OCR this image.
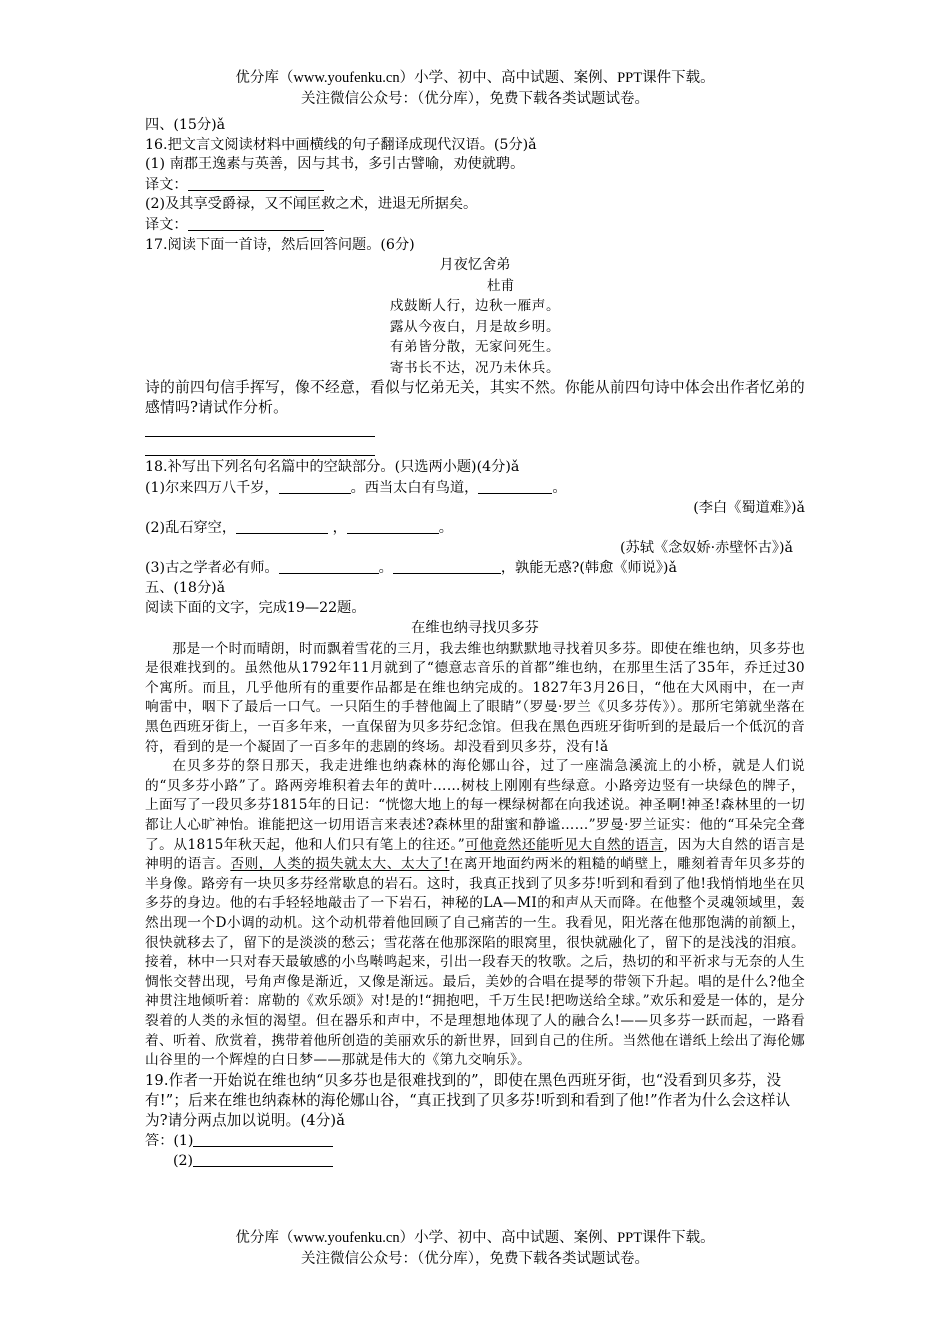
优分库（www.youfenku.cn）小学、初中、高中试题、案例、PPT课件下载。
关注微信公众号：（优分库），免费下载各类试题试卷。
四、(15分)ǎ
16.把文言文阅读材料中画横线的句子翻译成现代汉语。(5分)ǎ
(1) 南郡王逸素与英善，因与其书，多引古譬喻，劝使就聘。
译文：
(2)及其享受爵禄，又不闻匡救之术，进退无所据矣。
译文：
17.阅读下面一首诗，然后回答问题。(6分)
月夜忆舍弟
杜甫
戍鼓断人行，边秋一雁声。
露从今夜白，月是故乡明。
有弟皆分散，无家问死生。
寄书长不达，况乃未休兵。
诗的前四句信手挥写，像不经意，看似与忆弟无关，其实不然。你能从前四句诗中体会出作者忆弟的感情吗?请试作分析。
18.补写出下列名句名篇中的空缺部分。(只选两小题)(4分)ǎ
(1)尔来四万八千岁，	。西当太白有鸟道，	。
(李白《蜀道难》)ǎ
(2)乱石穿空，	，	。
(苏轼《念奴娇·赤壁怀古》)ǎ
(3)古之学者必有师。	。	，孰能无惑?(韩愈《师说》)ǎ
五、(18分)ǎ
阅读下面的文字，完成19—22题。
在维也纳寻找贝多芬
那是一个时而晴朗，时而飘着雪花的三月，我去维也纳默默地寻找着贝多芬。即使在维也纳，贝多芬也是很难找到的。虽然他从1792年11月就到了“德意志音乐的首都”维也纳，在那里生活了35年，乔迁过30个寓所。而且，几乎他所有的重要作品都是在维也纳完成的。1827年3月26日，“他在大风雨中，在一声响雷中，咽下了最后一口气。一只陌生的手替他阖上了眼睛”（罗曼·罗兰《贝多芬传》）。那所宅第就坐落在黑色西班牙街上，一百多年来，一直保留为贝多芬纪念馆。但我在黑色西班牙街听到的是最后一个低沉的音符，看到的是一个凝固了一百多年的悲剧的终场。却没看到贝多芬，没有!ǎ
在贝多芬的祭日那天，我走进维也纳森林的海伦娜山谷，过了一座湍急溪流上的小桥，就是人们说的“贝多芬小路”了。路两旁堆积着去年的黄叶……树枝上刚刚有些绿意。小路旁边竖有一块绿色的牌子，上面写了一段贝多芬1815年的日记：“恍惚大地上的每一棵绿树都在向我述说。神圣啊!神圣!森林里的一切都让人心旷神怡。谁能把这一切用语言来表述?森林里的甜蜜和静谧……”罗曼·罗兰证实：他的“耳朵完全聋了。从1815年秋天起，他和人们只有笔上的往还。”可他竟然还能听见大自然的语言，因为大自然的语言是神明的语言。否则，人类的损失就太大、太大了!在离开地面约两米的粗糙的峭壁上，雕刻着青年贝多芬的半身像。路旁有一块贝多芬经常歇息的岩石。这时，我真正找到了贝多芬!听到和看到了他!我悄悄地坐在贝多芬的身边。他的右手轻轻地敲击了一下岩石，神秘的LA—MI的和声从天而降。在他整个灵魂领域里，轰然出现一个D小调的动机。这个动机带着他回顾了自己痛苦的一生。我看见，阳光落在他那饱满的前额上，很快就移去了，留下的是淡淡的愁云；雪花落在他那深陷的眼窝里，很快就融化了，留下的是浅浅的泪痕。接着，林中一只对春天最敏感的小鸟啭鸣起来，引出一段春天的牧歌。之后，热切的和平祈求与无奈的人生惆怅交替出现，号角声像是渐近，又像是渐远。最后，美妙的合唱在提琴的带领下升起。唱的是什么?他全神贯注地倾听着：席勒的《欢乐颂》对!是的!“拥抱吧，千万生民!把吻送给全球。”欢乐和爱是一体的，是分裂着的人类的永恒的渴望。但在器乐和声中，不是理想地体现了人的融合么!——贝多芬一跃而起，一路看着、听着、欣赏着，携带着他所创造的美丽欢乐的新世界，回到自己的住所。当然他在谱纸上绘出了海伦娜山谷里的一个辉煌的白日梦——那就是伟大的《第九交响乐》。
19.作者一开始说在维也纳“贝多芬也是很难找到的”，即使在黑色西班牙街，也“没看到贝多芬，没有!”；后来在维也纳森林的海伦娜山谷，“真正找到了贝多芬!听到和看到了他!”作者为什么会这样认为?请分两点加以说明。(4分)ǎ
答：(1)
(2)
优分库（www.youfenku.cn）小学、初中、高中试题、案例、PPT课件下载。
关注微信公众号：（优分库），免费下载各类试题试卷。
